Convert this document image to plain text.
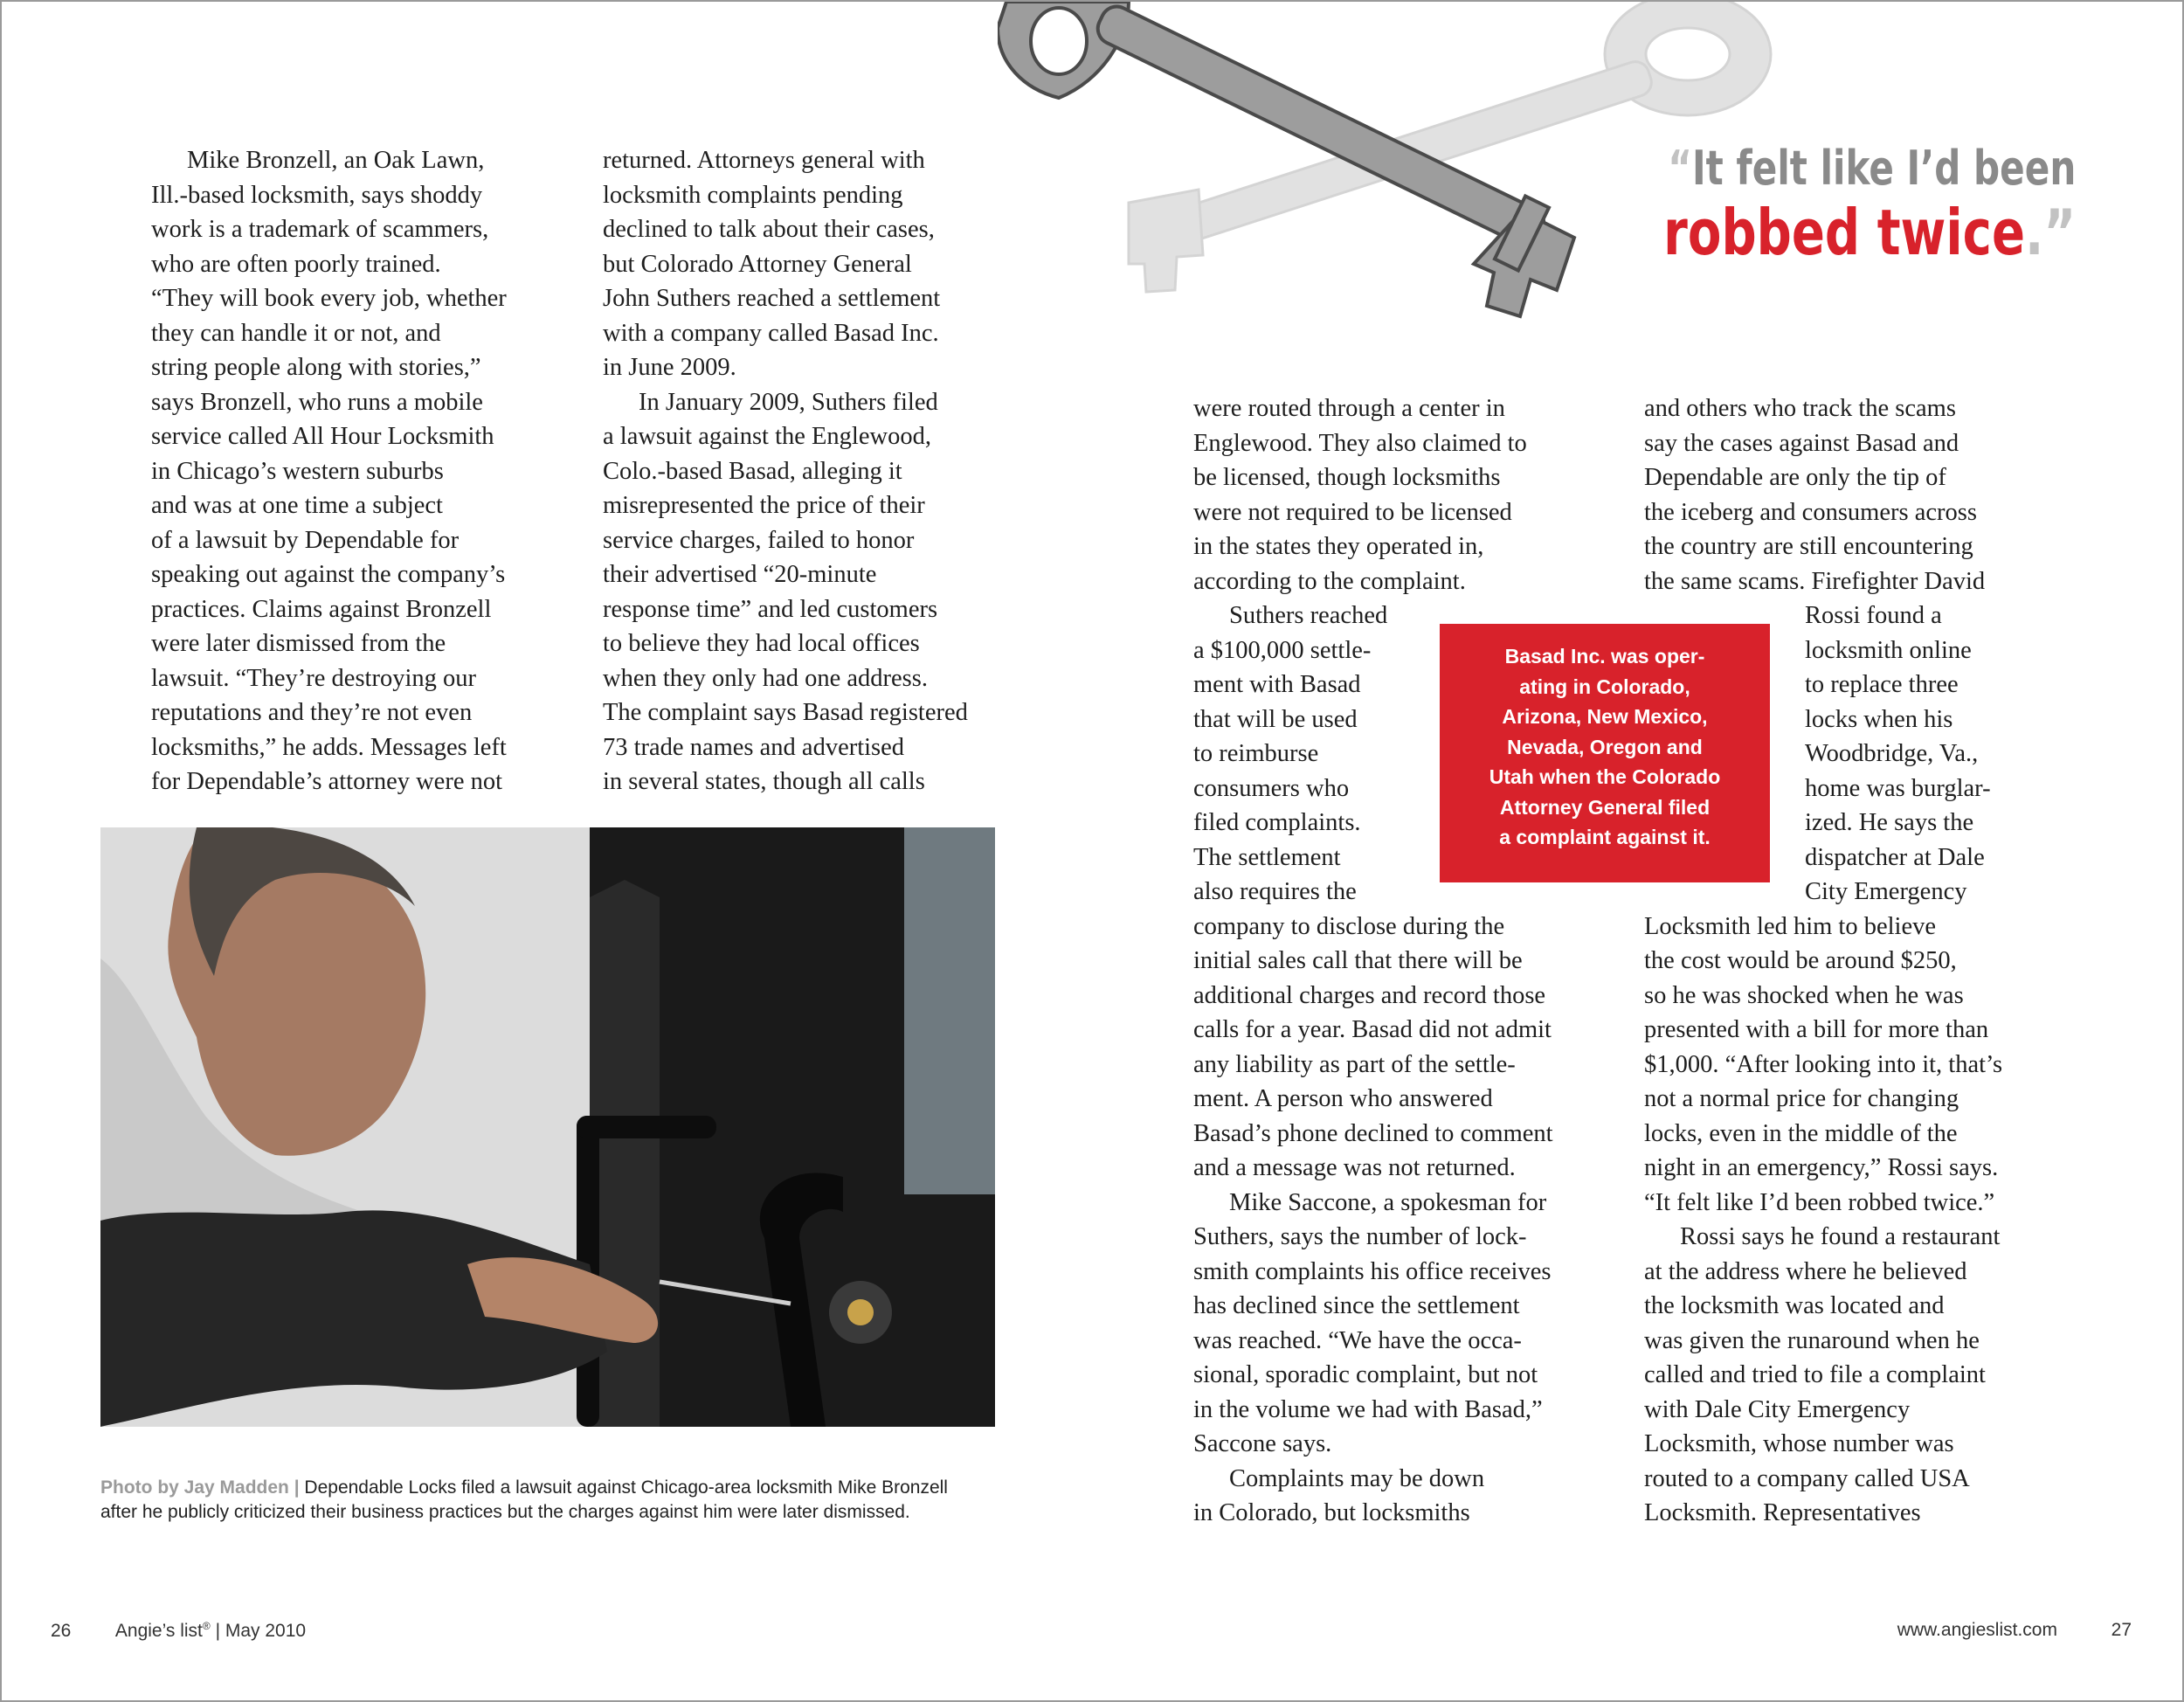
“It felt like I’d been
robbed twice.”
Mike Bronzell, an Oak Lawn,
Ill.-based locksmith, says shoddy
work is a trademark of scammers,
who are often poorly trained.
“They will book every job, whether
they can handle it or not, and
string people along with stories,”
says Bronzell, who runs a mobile
service called All Hour Locksmith
in Chicago’s western suburbs
and was at one time a subject
of a lawsuit by Dependable for
speaking out against the company’s
practices. Claims against Bronzell
were later dismissed from the
lawsuit. “They’re destroying our
reputations and they’re not even
locksmiths,” he adds. Messages left
for Dependable’s attorney were not
returned. Attorneys general with
locksmith complaints pending
declined to talk about their cases,
but Colorado Attorney General
John Suthers reached a settlement
with a company called Basad Inc.
in June 2009.
In January 2009, Suthers filed
a lawsuit against the Englewood,
Colo.-based Basad, alleging it
misrepresented the price of their
service charges, failed to honor
their advertised “20-minute
response time” and led customers
to believe they had local offices
when they only had one address.
The complaint says Basad registered
73 trade names and advertised
in several states, though all calls
were routed through a center in
Englewood. They also claimed to
be licensed, though locksmiths
were not required to be licensed
in the states they operated in,
according to the complaint.
Suthers reached
a $100,000 settle-
ment with Basad
that will be used
to reimburse
consumers who
filed complaints.
The settlement
also requires the
company to disclose during the
initial sales call that there will be
additional charges and record those
calls for a year. Basad did not admit
any liability as part of the settle-
ment. A person who answered
Basad’s phone declined to comment
and a message was not returned.
Mike Saccone, a spokesman for
Suthers, says the number of lock-
smith complaints his office receives
has declined since the settlement
was reached. “We have the occa-
sional, sporadic complaint, but not
in the volume we had with Basad,”
Saccone says.
Complaints may be down
in Colorado, but locksmiths
and others who track the scams
say the cases against Basad and
Dependable are only the tip of
the iceberg and consumers across
the country are still encountering
the same scams. Firefighter David
Rossi found a
locksmith online
to replace three
locks when his
Woodbridge, Va.,
home was burglar-
ized. He says the
dispatcher at Dale
City Emergency
Locksmith led him to believe
the cost would be around $250,
so he was shocked when he was
presented with a bill for more than
$1,000. “After looking into it, that’s
not a normal price for changing
locks, even in the middle of the
night in an emergency,” Rossi says.
“It felt like I’d been robbed twice.”
Rossi says he found a restaurant
at the address where he believed
the locksmith was located and
was given the runaround when he
called and tried to file a complaint
with Dale City Emergency
Locksmith, whose number was
routed to a company called USA
Locksmith. Representatives
Basad Inc. was oper-
ating in Colorado,
Arizona, New Mexico,
Nevada, Oregon and
Utah when the Colorado
Attorney General filed
a complaint against it.
Photo by Jay Madden | Dependable Locks filed a lawsuit against Chicago-area locksmith Mike Bronzell
after he publicly criticized their business practices but the charges against him were later dismissed.
26 Angie’s list® | May 2010	www.angieslist.com	27
